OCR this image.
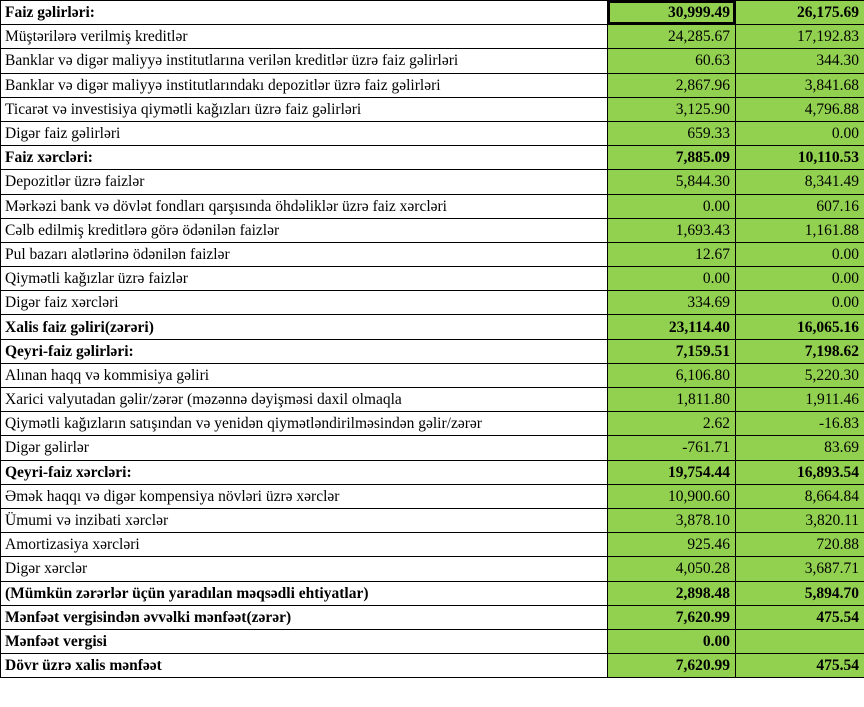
Faiz gəlirləri:	30,999.49	26,175.69
Müştərilərə verilmiş kreditlər	24,285.67	17,192.83
Banklar və digər maliyyə institutlarına verilən kreditlər üzrə faiz gəlirləri	60.63	344.30
Banklar və digər maliyyə institutlarındakı depozitlər üzrə faiz gəlirləri	2,867.96	3,841.68
Ticarət və investisiya qiymətli kağızları üzrə faiz gəlirləri	3,125.90	4,796.88
Digər faiz gəlirləri	659.33	0.00
Faiz xərcləri:	7,885.09	10,110.53
Depozitlər üzrə faizlər	5,844.30	8,341.49
Mərkəzi bank və dövlət fondları qarşısında öhdəliklər üzrə faiz xərcləri	0.00	607.16
Cəlb edilmiş kreditlərə görə ödənilən faizlər	1,693.43	1,161.88
Pul bazarı alətlərinə ödənilən faizlər	12.67	0.00
Qiymətli kağızlar üzrə faizlər	0.00	0.00
Digər faiz xərcləri	334.69	0.00
Xalis faiz gəliri(zərəri)	23,114.40	16,065.16
Qeyri-faiz gəlirləri:	7,159.51	7,198.62
Alınan haqq və kommisiya gəliri	6,106.80	5,220.30
Xarici valyutadan gəlir/zərər (məzənnə dəyişməsi daxil olmaqla	1,811.80	1,911.46
Qiymətli kağızların satışından və yenidən qiymətləndirilməsindən gəlir/zərər	2.62	-16.83
Digər gəlirlər	-761.71	83.69
Qeyri-faiz xərcləri:	19,754.44	16,893.54
Əmək haqqı və digər kompensiya növləri üzrə xərclər	10,900.60	8,664.84
Ümumi və inzibati xərclər	3,878.10	3,820.11
Amortizasiya xərcləri	925.46	720.88
Digər xərclər	4,050.28	3,687.71
(Mümkün zərərlər üçün yaradılan məqsədli ehtiyatlar)	2,898.48	5,894.70
Mənfəət vergisindən əvvəlki mənfəət(zərər)	7,620.99	475.54
Mənfəət vergisi	0.00	
Dövr üzrə xalis mənfəət	7,620.99	475.54
